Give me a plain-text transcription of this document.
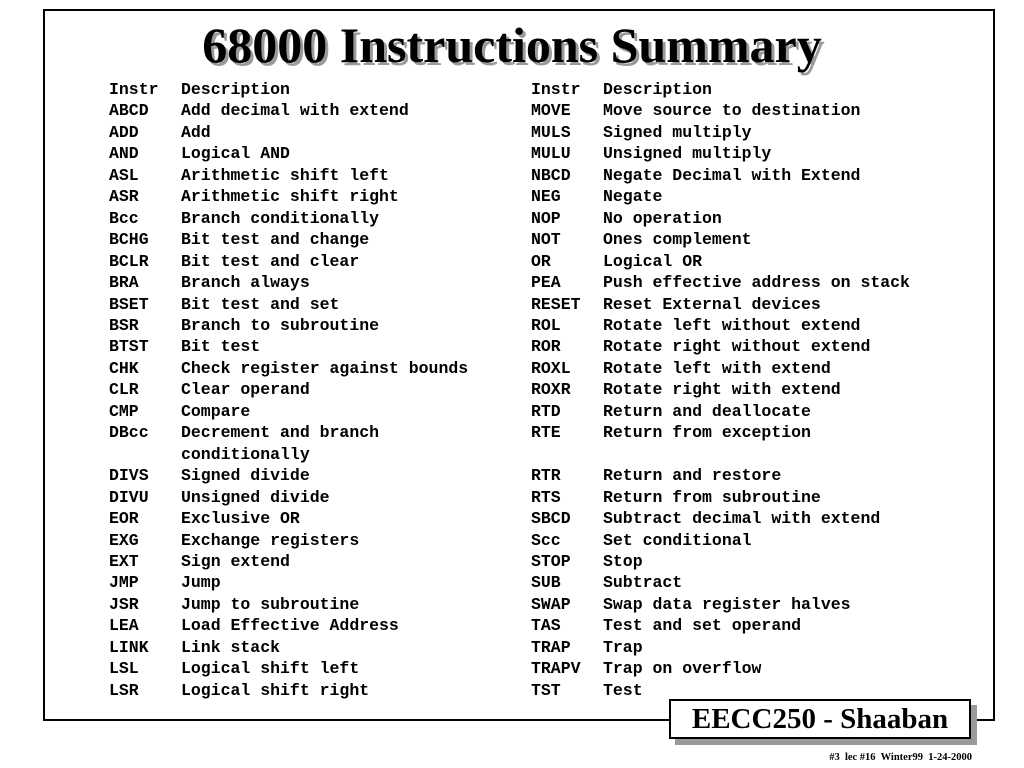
68000 Instructions Summary
Instr	Description
ABCD	Add decimal with extend
ADD	Add
AND	Logical AND
ASL	Arithmetic shift left
ASR	Arithmetic shift right
Bcc	Branch conditionally
BCHG	Bit test and change
BCLR	Bit test and clear
BRA	Branch always
BSET	Bit test and set
BSR	Branch to subroutine
BTST	Bit test
CHK	Check register against bounds
CLR	Clear operand
CMP	Compare
DBcc	Decrement and branch

conditionally
DIVS	Signed divide
DIVU	Unsigned divide
EOR	Exclusive OR
EXG	Exchange registers
EXT	Sign extend
JMP	Jump
JSR	Jump to subroutine
LEA	Load Effective Address
LINK	Link stack
LSL	Logical shift left
LSR	Logical shift right
Instr	Description
MOVE	Move source to destination
MULS	Signed multiply
MULU	Unsigned multiply
NBCD	Negate Decimal with Extend
NEG	Negate
NOP	No operation
NOT	Ones complement
OR	Logical OR
PEA	Push effective address on stack
RESET	Reset External devices
ROL	Rotate left without extend
ROR	Rotate right without extend
ROXL	Rotate left with extend
ROXR	Rotate right with extend
RTD	Return and deallocate
RTE	Return from exception

RTR	Return and restore
RTS	Return from subroutine
SBCD	Subtract decimal with extend
Scc	Set conditional
STOP	Stop
SUB	Subtract
SWAP	Swap data register halves
TAS	Test and set operand
TRAP	Trap
TRAPV	Trap on overflow
TST	Test
EECC250 - Shaaban
#3  lec #16  Winter99  1-24-2000
